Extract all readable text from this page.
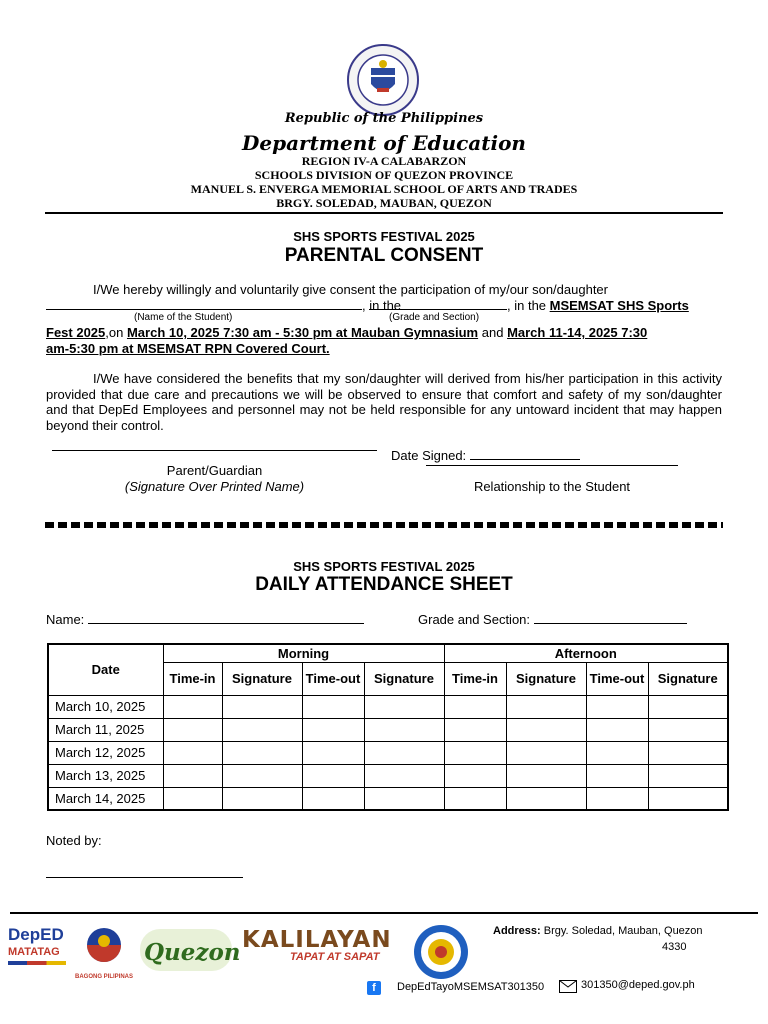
Republic of the Philippines
Department of Education
REGION IV-A CALABARZON
SCHOOLS DIVISION OF QUEZON PROVINCE
MANUEL S. ENVERGA MEMORIAL SCHOOL OF ARTS AND TRADES
BRGY. SOLEDAD, MAUBAN, QUEZON
SHS SPORTS FESTIVAL 2025
PARENTAL CONSENT
I/We hereby willingly and voluntarily give consent the participation of my/our son/daughter
, in the	, in the MSEMSAT SHS Sports
(Name of the Student)	(Grade and Section)
Fest 2025,on March 10, 2025 7:30 am - 5:30 pm at Mauban Gymnasium and March 11-14, 2025 7:30
am-5:30 pm at MSEMSAT RPN Covered Court.
I/We have considered the benefits that my son/daughter will derived from his/her participation in this activity provided that due care and precautions we will be observed to ensure that comfort and safety of my son/daughter and that DepEd Employees and personnel may not be held responsible for any untoward incident that may happen beyond their control.
Date Signed:
Parent/Guardian
(Signature Over Printed Name)	Relationship to the Student
SHS SPORTS FESTIVAL 2025
DAILY ATTENDANCE SHEET
Name:	Grade and Section:
Date	Morning				Afternoon			
	Time-in	Signature	Time-out	Signature	Time-in	Signature	Time-out	Signature
March 10, 2025								
March 11, 2025								
March 12, 2025								
March 13, 2025								
March 14, 2025								
Noted by:
DepED
MATATAG
BAGONG PILIPINAS
Quezon KALILAYAN
TAPAT AT SAPAT
Address: Brgy. Soledad, Mauban, Quezon
4330
f	DepEdTayoMSEMSAT301350	301350@deped.gov.ph
